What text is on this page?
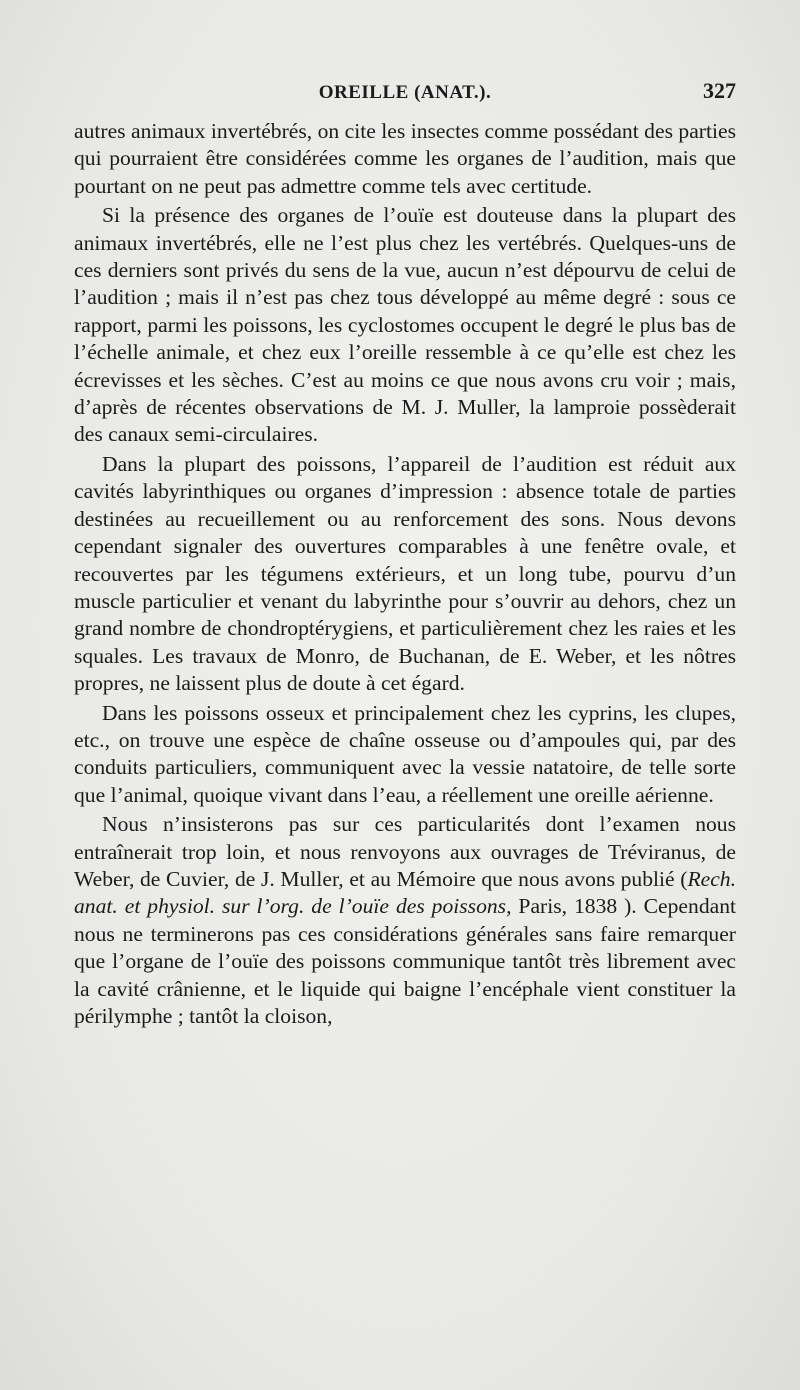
OREILLE (ANAT.).	327

autres animaux invertébrés, on cite les insectes comme possédant des parties qui pourraient être considérées comme les organes de l’audition, mais que pourtant on ne peut pas admettre comme tels avec certitude.

Si la présence des organes de l’ouïe est douteuse dans la plupart des animaux invertébrés, elle ne l’est plus chez les vertébrés. Quelques-uns de ces derniers sont privés du sens de la vue, aucun n’est dépourvu de celui de l’audition ; mais il n’est pas chez tous développé au même degré : sous ce rapport, parmi les poissons, les cyclostomes occupent le degré le plus bas de l’échelle animale, et chez eux l’oreille ressemble à ce qu’elle est chez les écrevisses et les sèches. C’est au moins ce que nous avons cru voir ; mais, d’après de récentes observations de M. J. Muller, la lamproie possèderait des canaux semi-circulaires.

Dans la plupart des poissons, l’appareil de l’audition est réduit aux cavités labyrinthiques ou organes d’impression : absence totale de parties destinées au recueillement ou au renforcement des sons. Nous devons cependant signaler des ouvertures comparables à une fenêtre ovale, et recouvertes par les tégumens extérieurs, et un long tube, pourvu d’un muscle particulier et venant du labyrinthe pour s’ouvrir au dehors, chez un grand nombre de chondroptérygiens, et particulièrement chez les raies et les squales. Les travaux de Monro, de Buchanan, de E. Weber, et les nôtres propres, ne laissent plus de doute à cet égard.

Dans les poissons osseux et principalement chez les cyprins, les clupes, etc., on trouve une espèce de chaîne osseuse ou d’ampoules qui, par des conduits particuliers, communiquent avec la vessie natatoire, de telle sorte que l’animal, quoique vivant dans l’eau, a réellement une oreille aérienne.

Nous n’insisterons pas sur ces particularités dont l’examen nous entraînerait trop loin, et nous renvoyons aux ouvrages de Tréviranus, de Weber, de Cuvier, de J. Muller, et au Mémoire que nous avons publié (Rech. anat. et physiol. sur l’org. de l’ouïe des poissons, Paris, 1838 ). Cependant nous ne terminerons pas ces considérations générales sans faire remarquer que l’organe de l’ouïe des poissons communique tantôt très librement avec la cavité crânienne, et le liquide qui baigne l’encéphale vient constituer la périlymphe ; tantôt la cloison,
